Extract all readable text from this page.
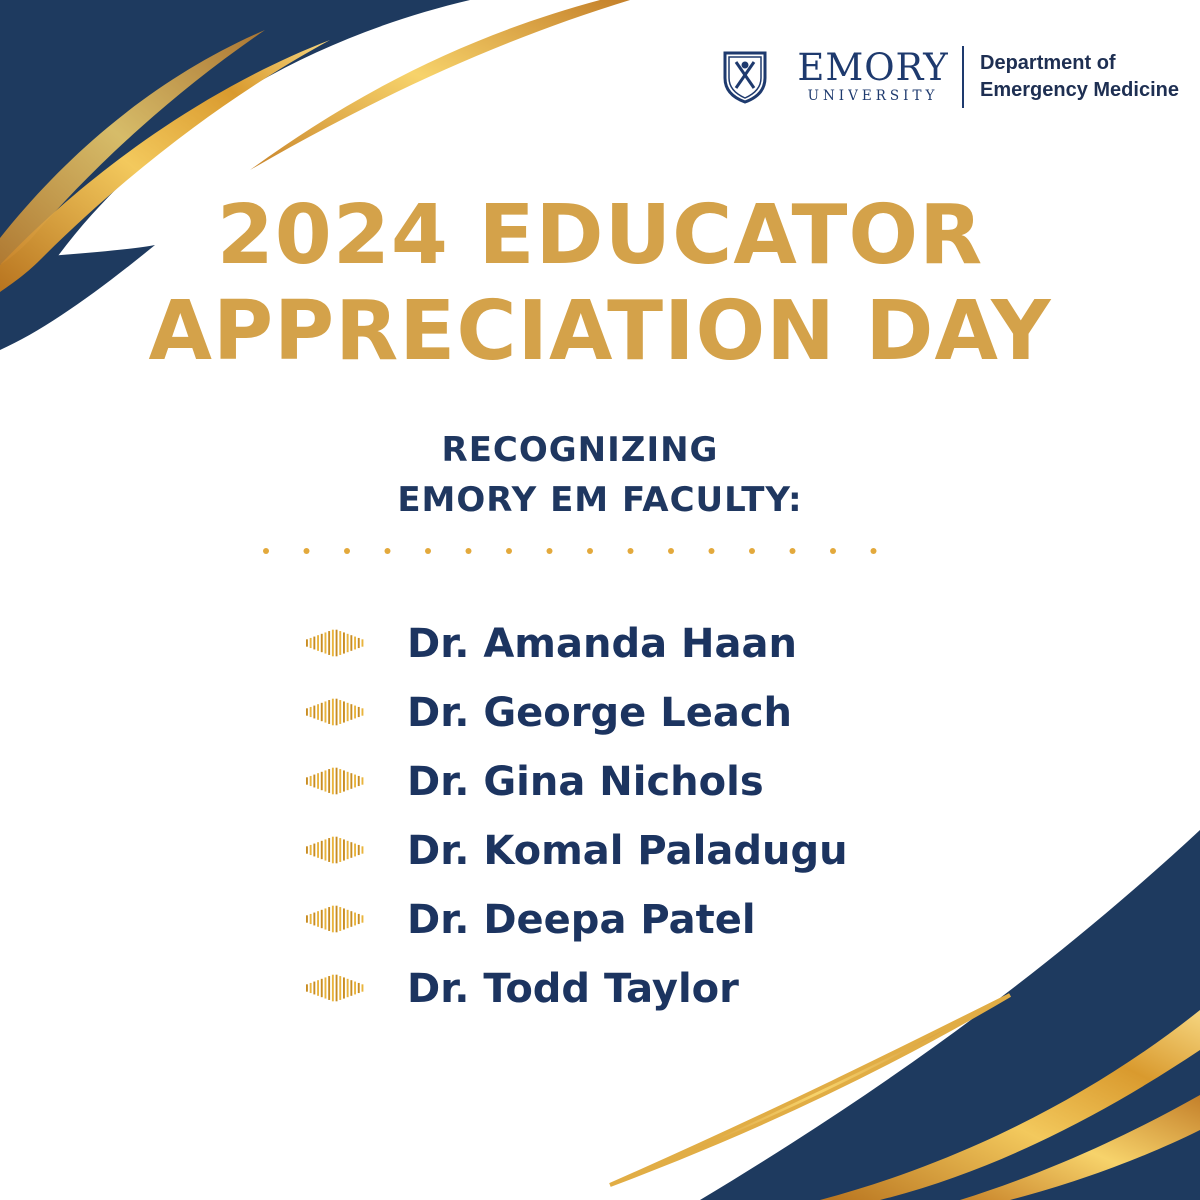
EMORY
UNIVERSITY
Department of
Emergency Medicine
2024 EDUCATOR
APPRECIATION DAY
RECOGNIZING
EMORY EM FACULTY:
Dr. Amanda Haan
Dr. George Leach
Dr. Gina Nichols
Dr. Komal Paladugu
Dr. Deepa Patel
Dr. Todd Taylor
